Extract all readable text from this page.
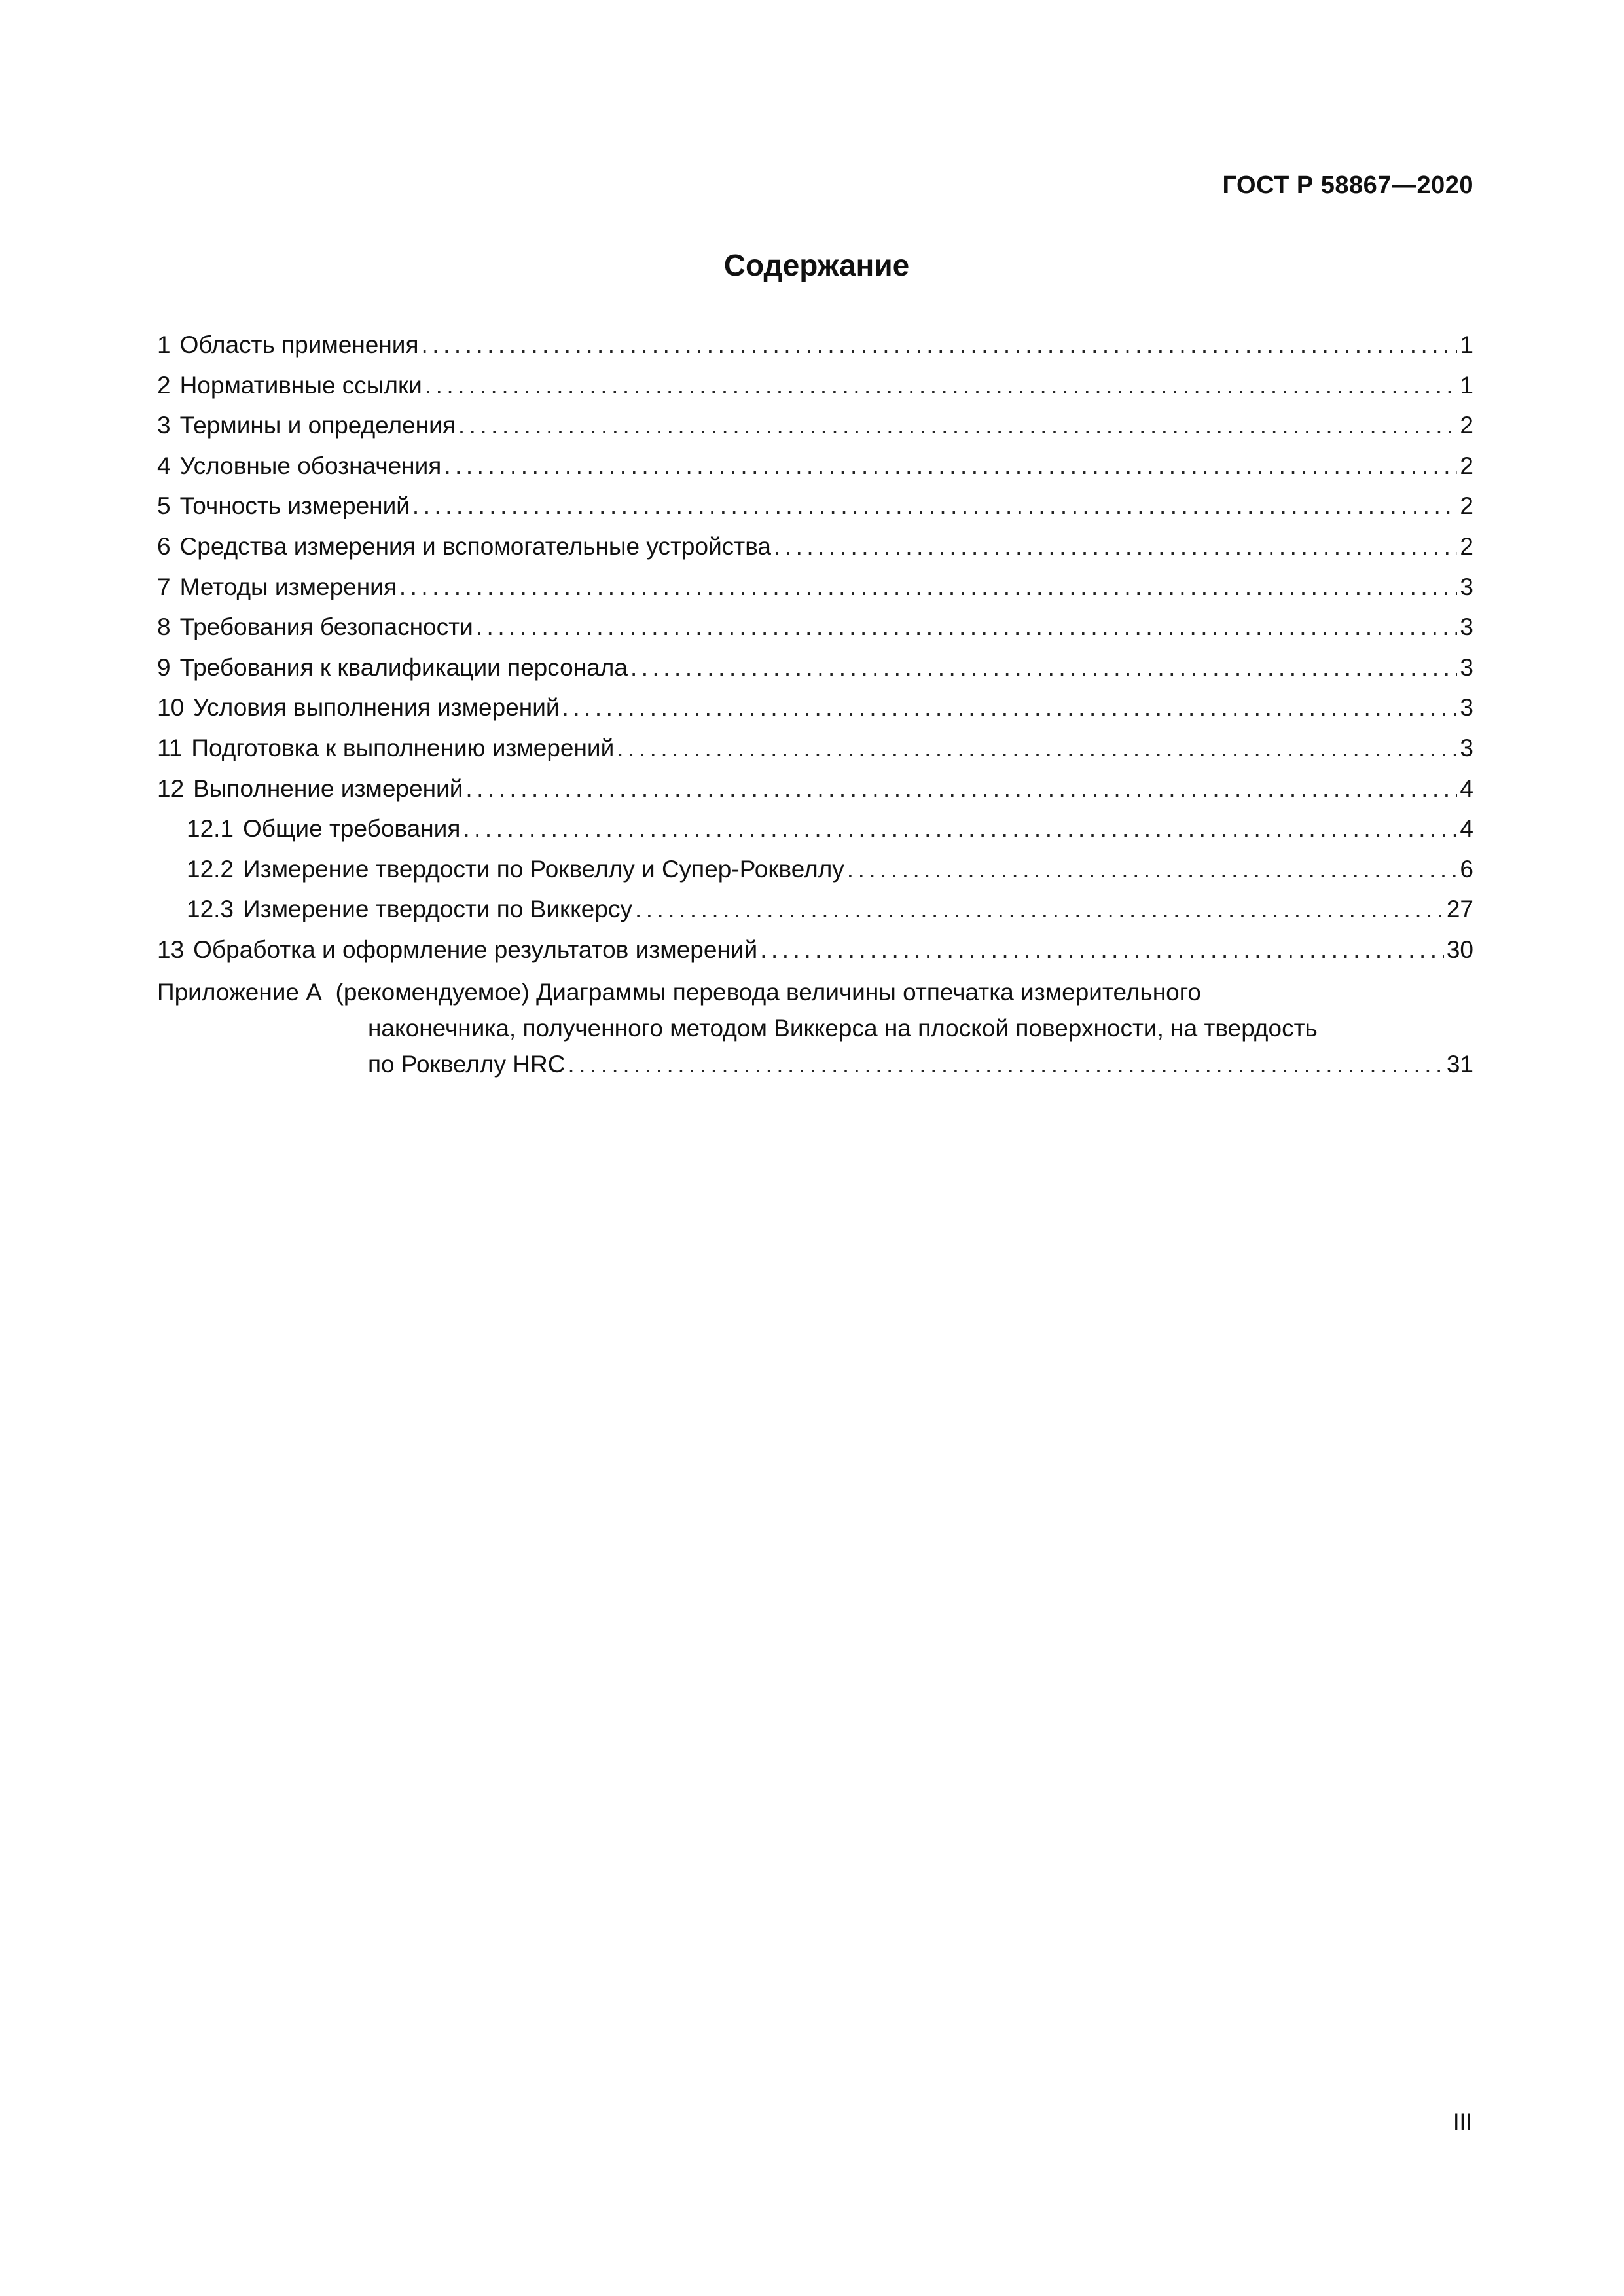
ГОСТ Р 58867—2020
Содержание
1 Область применения .....	1
2 Нормативные ссылки .....	1
3 Термины и определения .....	2
4 Условные обозначения .....	2
5 Точность измерений .....	2
6 Средства измерения и вспомогательные устройства .....	2
7 Методы измерения .....	3
8 Требования безопасности .....	3
9 Требования к квалификации персонала .....	3
10 Условия выполнения измерений .....	3
11 Подготовка к выполнению измерений .....	3
12 Выполнение измерений .....	4
12.1 Общие требования .....	4
12.2 Измерение твердости по Роквеллу и Супер-Роквеллу .....	6
12.3 Измерение твердости по Виккерсу .....	27
13 Обработка и оформление результатов измерений .....	30
Приложение А (рекомендуемое) Диаграммы перевода величины отпечатка измерительного
наконечника, полученного методом Виккерса на плоской поверхности, на твердость
по Роквеллу HRC .....	31
III
